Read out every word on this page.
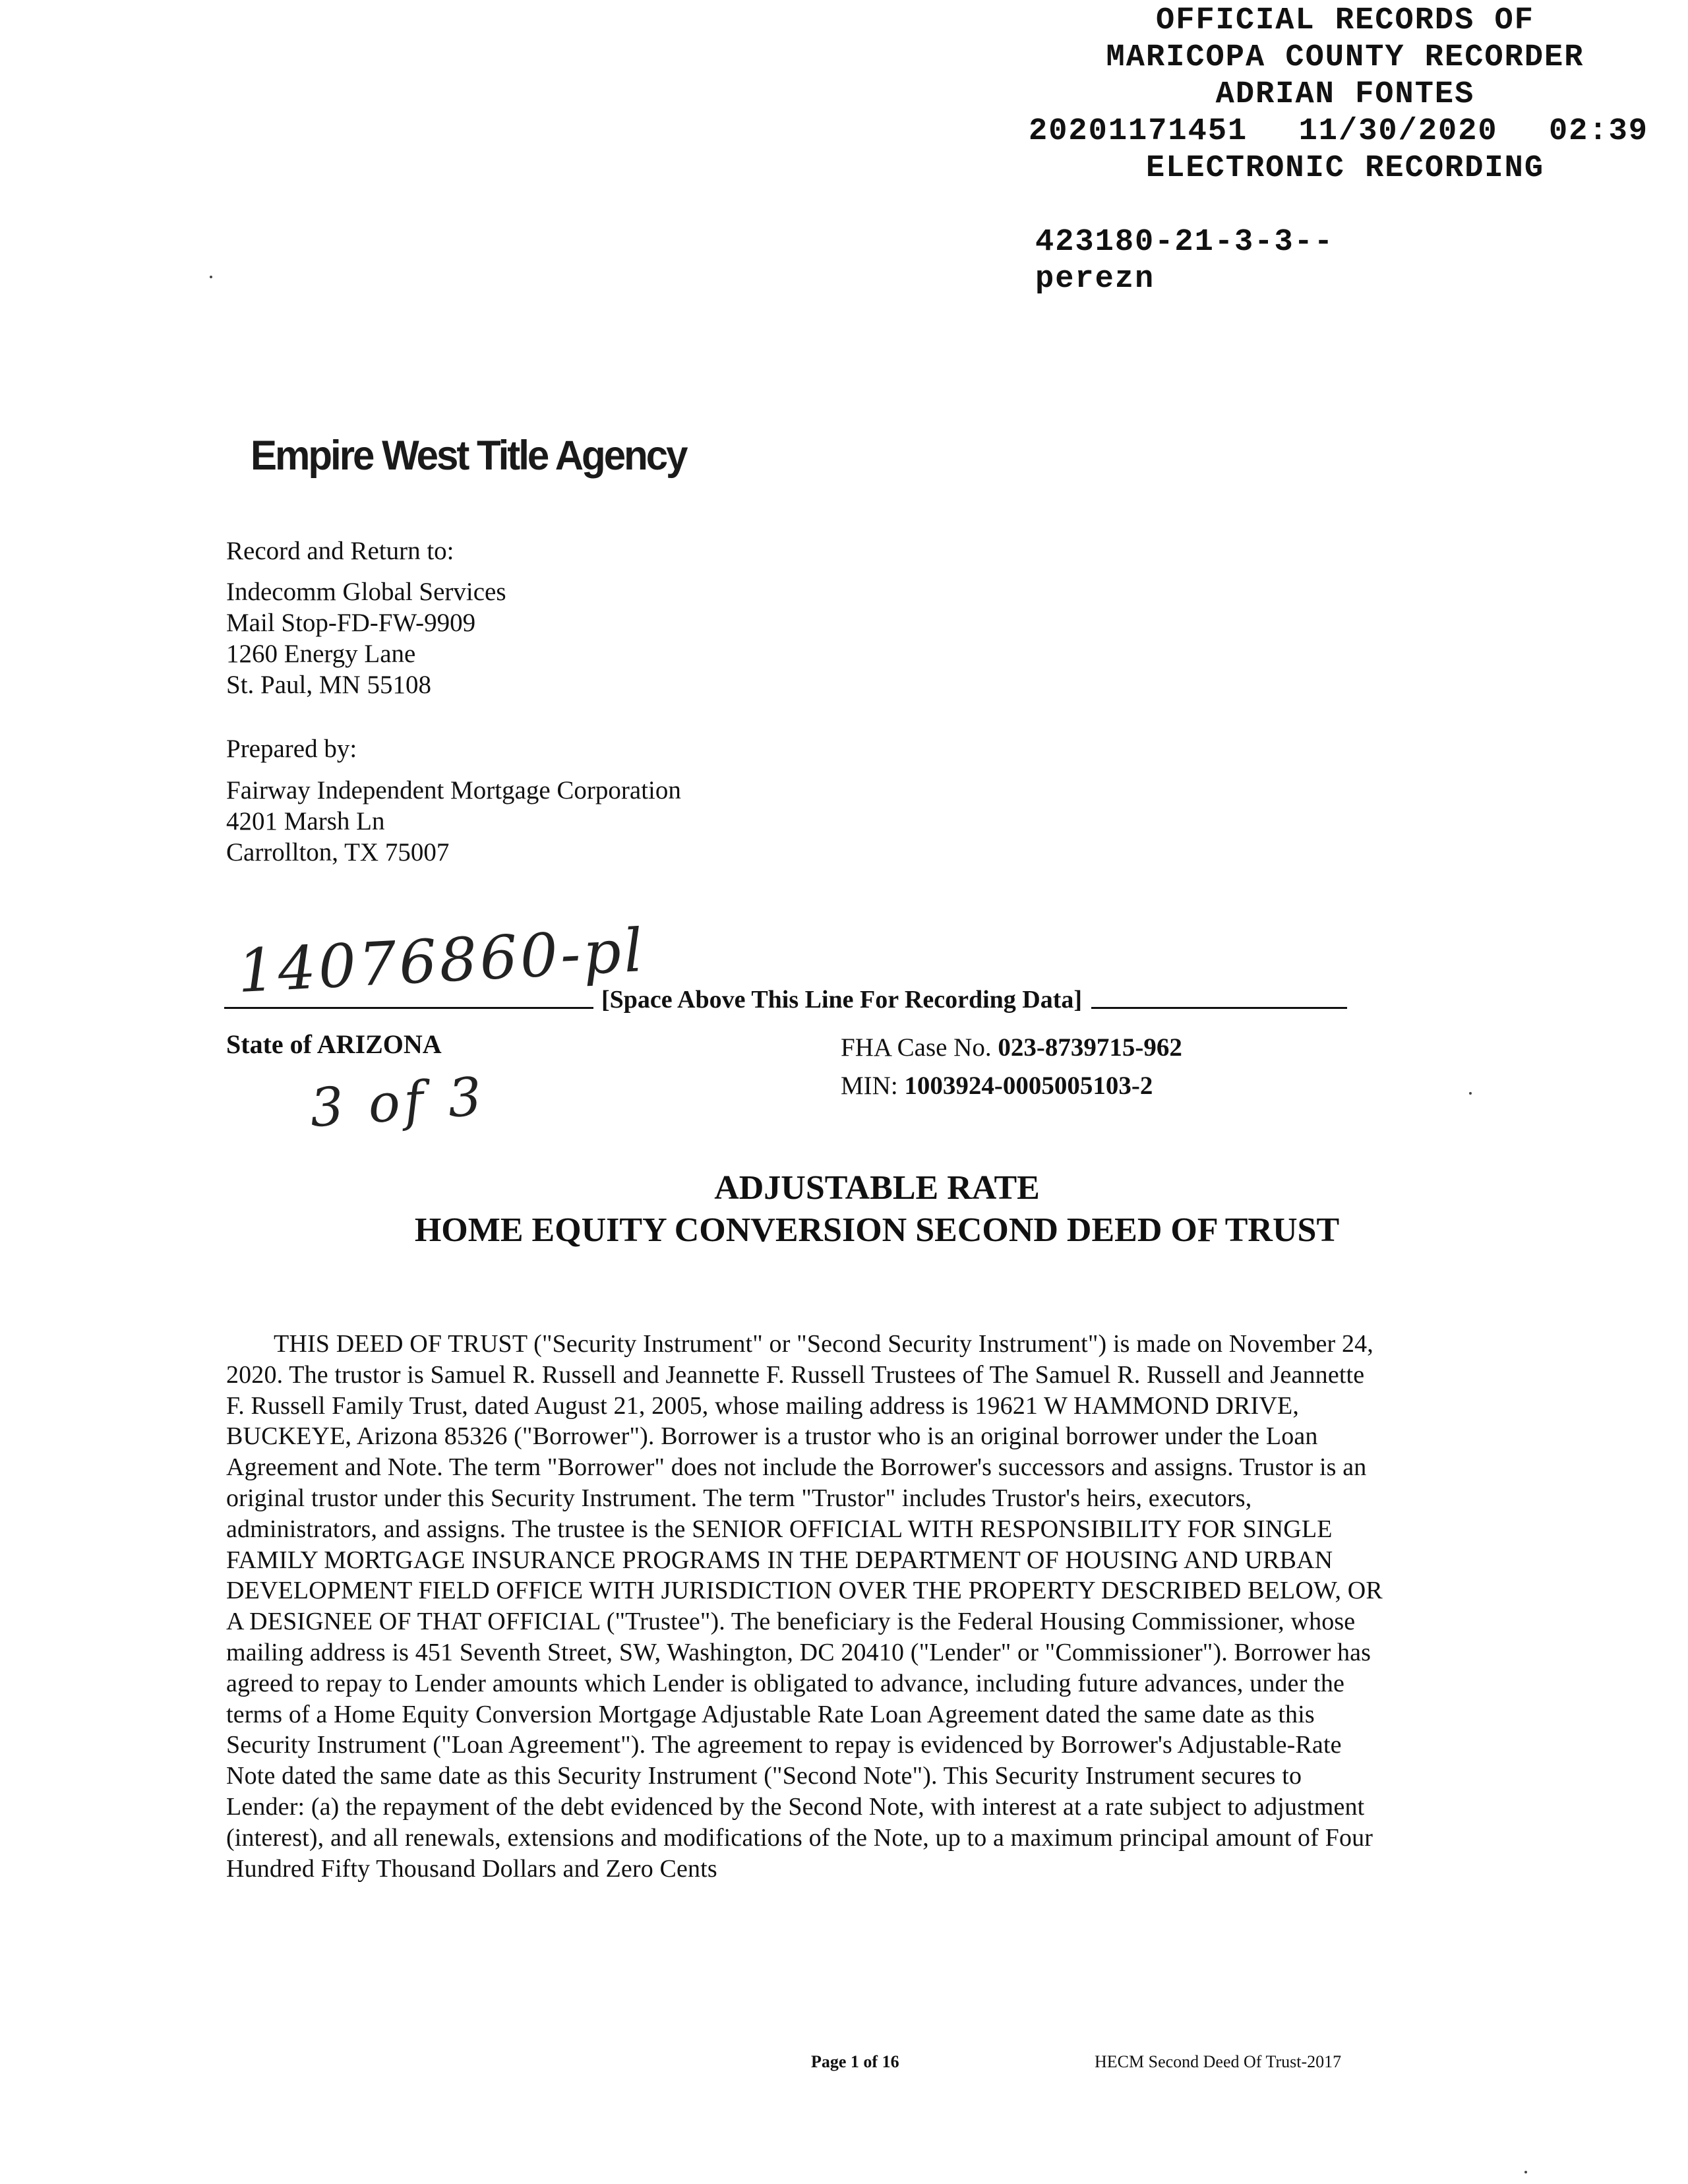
OFFICIAL RECORDS OF
MARICOPA COUNTY RECORDER
ADRIAN FONTES
20201171451 11/30/2020 02:39
ELECTRONIC RECORDING
423180-21-3-3--
perezn
Empire West Title Agency
Record and Return to:
Indecomm Global Services
Mail Stop-FD-FW-9909
1260 Energy Lane
St. Paul, MN 55108
Prepared by:
Fairway Independent Mortgage Corporation
4201 Marsh Ln
Carrollton, TX 75007
14076860-pl
[Space Above This Line For Recording Data]
State of ARIZONA
3 of 3
FHA Case No. 023-8739715-962
MIN: 1003924-0005005103-2
ADJUSTABLE RATE
HOME EQUITY CONVERSION SECOND DEED OF TRUST

THIS DEED OF TRUST ("Security Instrument" or "Second Security Instrument") is made on November 24, 2020. The trustor is Samuel R. Russell and Jeannette F. Russell Trustees of The Samuel R. Russell and Jeannette F. Russell Family Trust, dated August 21, 2005, whose mailing address is 19621 W HAMMOND DRIVE, BUCKEYE, Arizona 85326 ("Borrower"). Borrower is a trustor who is an original borrower under the Loan Agreement and Note. The term "Borrower" does not include the Borrower's successors and assigns. Trustor is an original trustor under this Security Instrument. The term "Trustor" includes Trustor's heirs, executors, administrators, and assigns. The trustee is the SENIOR OFFICIAL WITH RESPONSIBILITY FOR SINGLE FAMILY MORTGAGE INSURANCE PROGRAMS IN THE DEPARTMENT OF HOUSING AND URBAN DEVELOPMENT FIELD OFFICE WITH JURISDICTION OVER THE PROPERTY DESCRIBED BELOW, OR A DESIGNEE OF THAT OFFICIAL ("Trustee"). The beneficiary is the Federal Housing Commissioner, whose mailing address is 451 Seventh Street, SW, Washington, DC 20410 ("Lender" or "Commissioner"). Borrower has agreed to repay to Lender amounts which Lender is obligated to advance, including future advances, under the terms of a Home Equity Conversion Mortgage Adjustable Rate Loan Agreement dated the same date as this Security Instrument ("Loan Agreement"). The agreement to repay is evidenced by Borrower's Adjustable-Rate Note dated the same date as this Security Instrument ("Second Note"). This Security Instrument secures to Lender: (a) the repayment of the debt evidenced by the Second Note, with interest at a rate subject to adjustment (interest), and all renewals, extensions and modifications of the Note, up to a maximum principal amount of Four Hundred Fifty Thousand Dollars and Zero Cents

Page 1 of 16	HECM Second Deed Of Trust-2017
